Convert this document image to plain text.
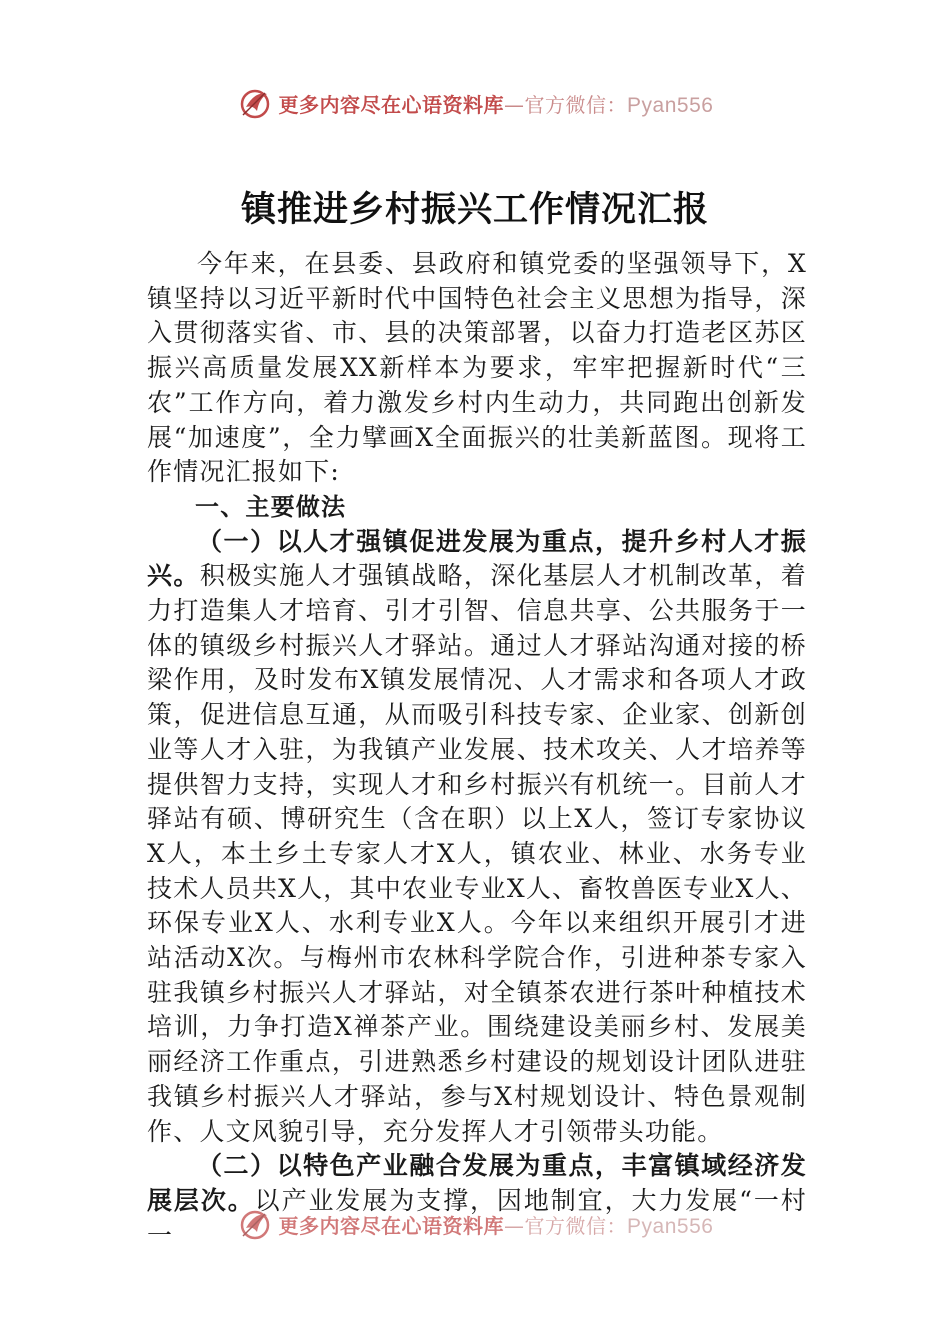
更多内容尽在心语资料库—官方微信：Pyan556
镇推进乡村振兴工作情况汇报

今年来，在县委、县政府和镇党委的坚强领导下，X镇坚持以习近平新时代中国特色社会主义思想为指导，深入贯彻落实省、市、县的决策部署，以奋力打造老区苏区振兴高质量发展XX新样本为要求，牢牢把握新时代“三农”工作方向，着力激发乡村内生动力，共同跑出创新发展“加速度”，全力擘画X全面振兴的壮美新蓝图。现将工作情况汇报如下:

一、主要做法

（一）以人才强镇促进发展为重点，提升乡村人才振兴。积极实施人才强镇战略，深化基层人才机制改革，着力打造集人才培育、引才引智、信息共享、公共服务于一体的镇级乡村振兴人才驿站。通过人才驿站沟通对接的桥梁作用，及时发布X镇发展情况、人才需求和各项人才政策，促进信息互通，从而吸引科技专家、企业家、创新创业等人才入驻，为我镇产业发展、技术攻关、人才培养等提供智力支持，实现人才和乡村振兴有机统一。目前人才驿站有硕、博研究生（含在职）以上X人，签订专家协议X人，本土乡土专家人才X人，镇农业、林业、水务专业技术人员共X人，其中农业专业X人、畜牧兽医专业X人、环保专业X人、水利专业X人。今年以来组织开展引才进站活动X次。与梅州市农林科学院合作，引进种茶专家入驻我镇乡村振兴人才驿站，对全镇茶农进行茶叶种植技术培训，力争打造X禅茶产业。围绕建设美丽乡村、发展美丽经济工作重点，引进熟悉乡村建设的规划设计团队进驻我镇乡村振兴人才驿站，参与X村规划设计、特色景观制作、人文风貌引导，充分发挥人才引领带头功能。

（二）以特色产业融合发展为重点，丰富镇域经济发展层次。以产业发展为支撑，因地制宜，大力发展“一村一	更多内容尽在心语资料库—官方微信：Pyan556
